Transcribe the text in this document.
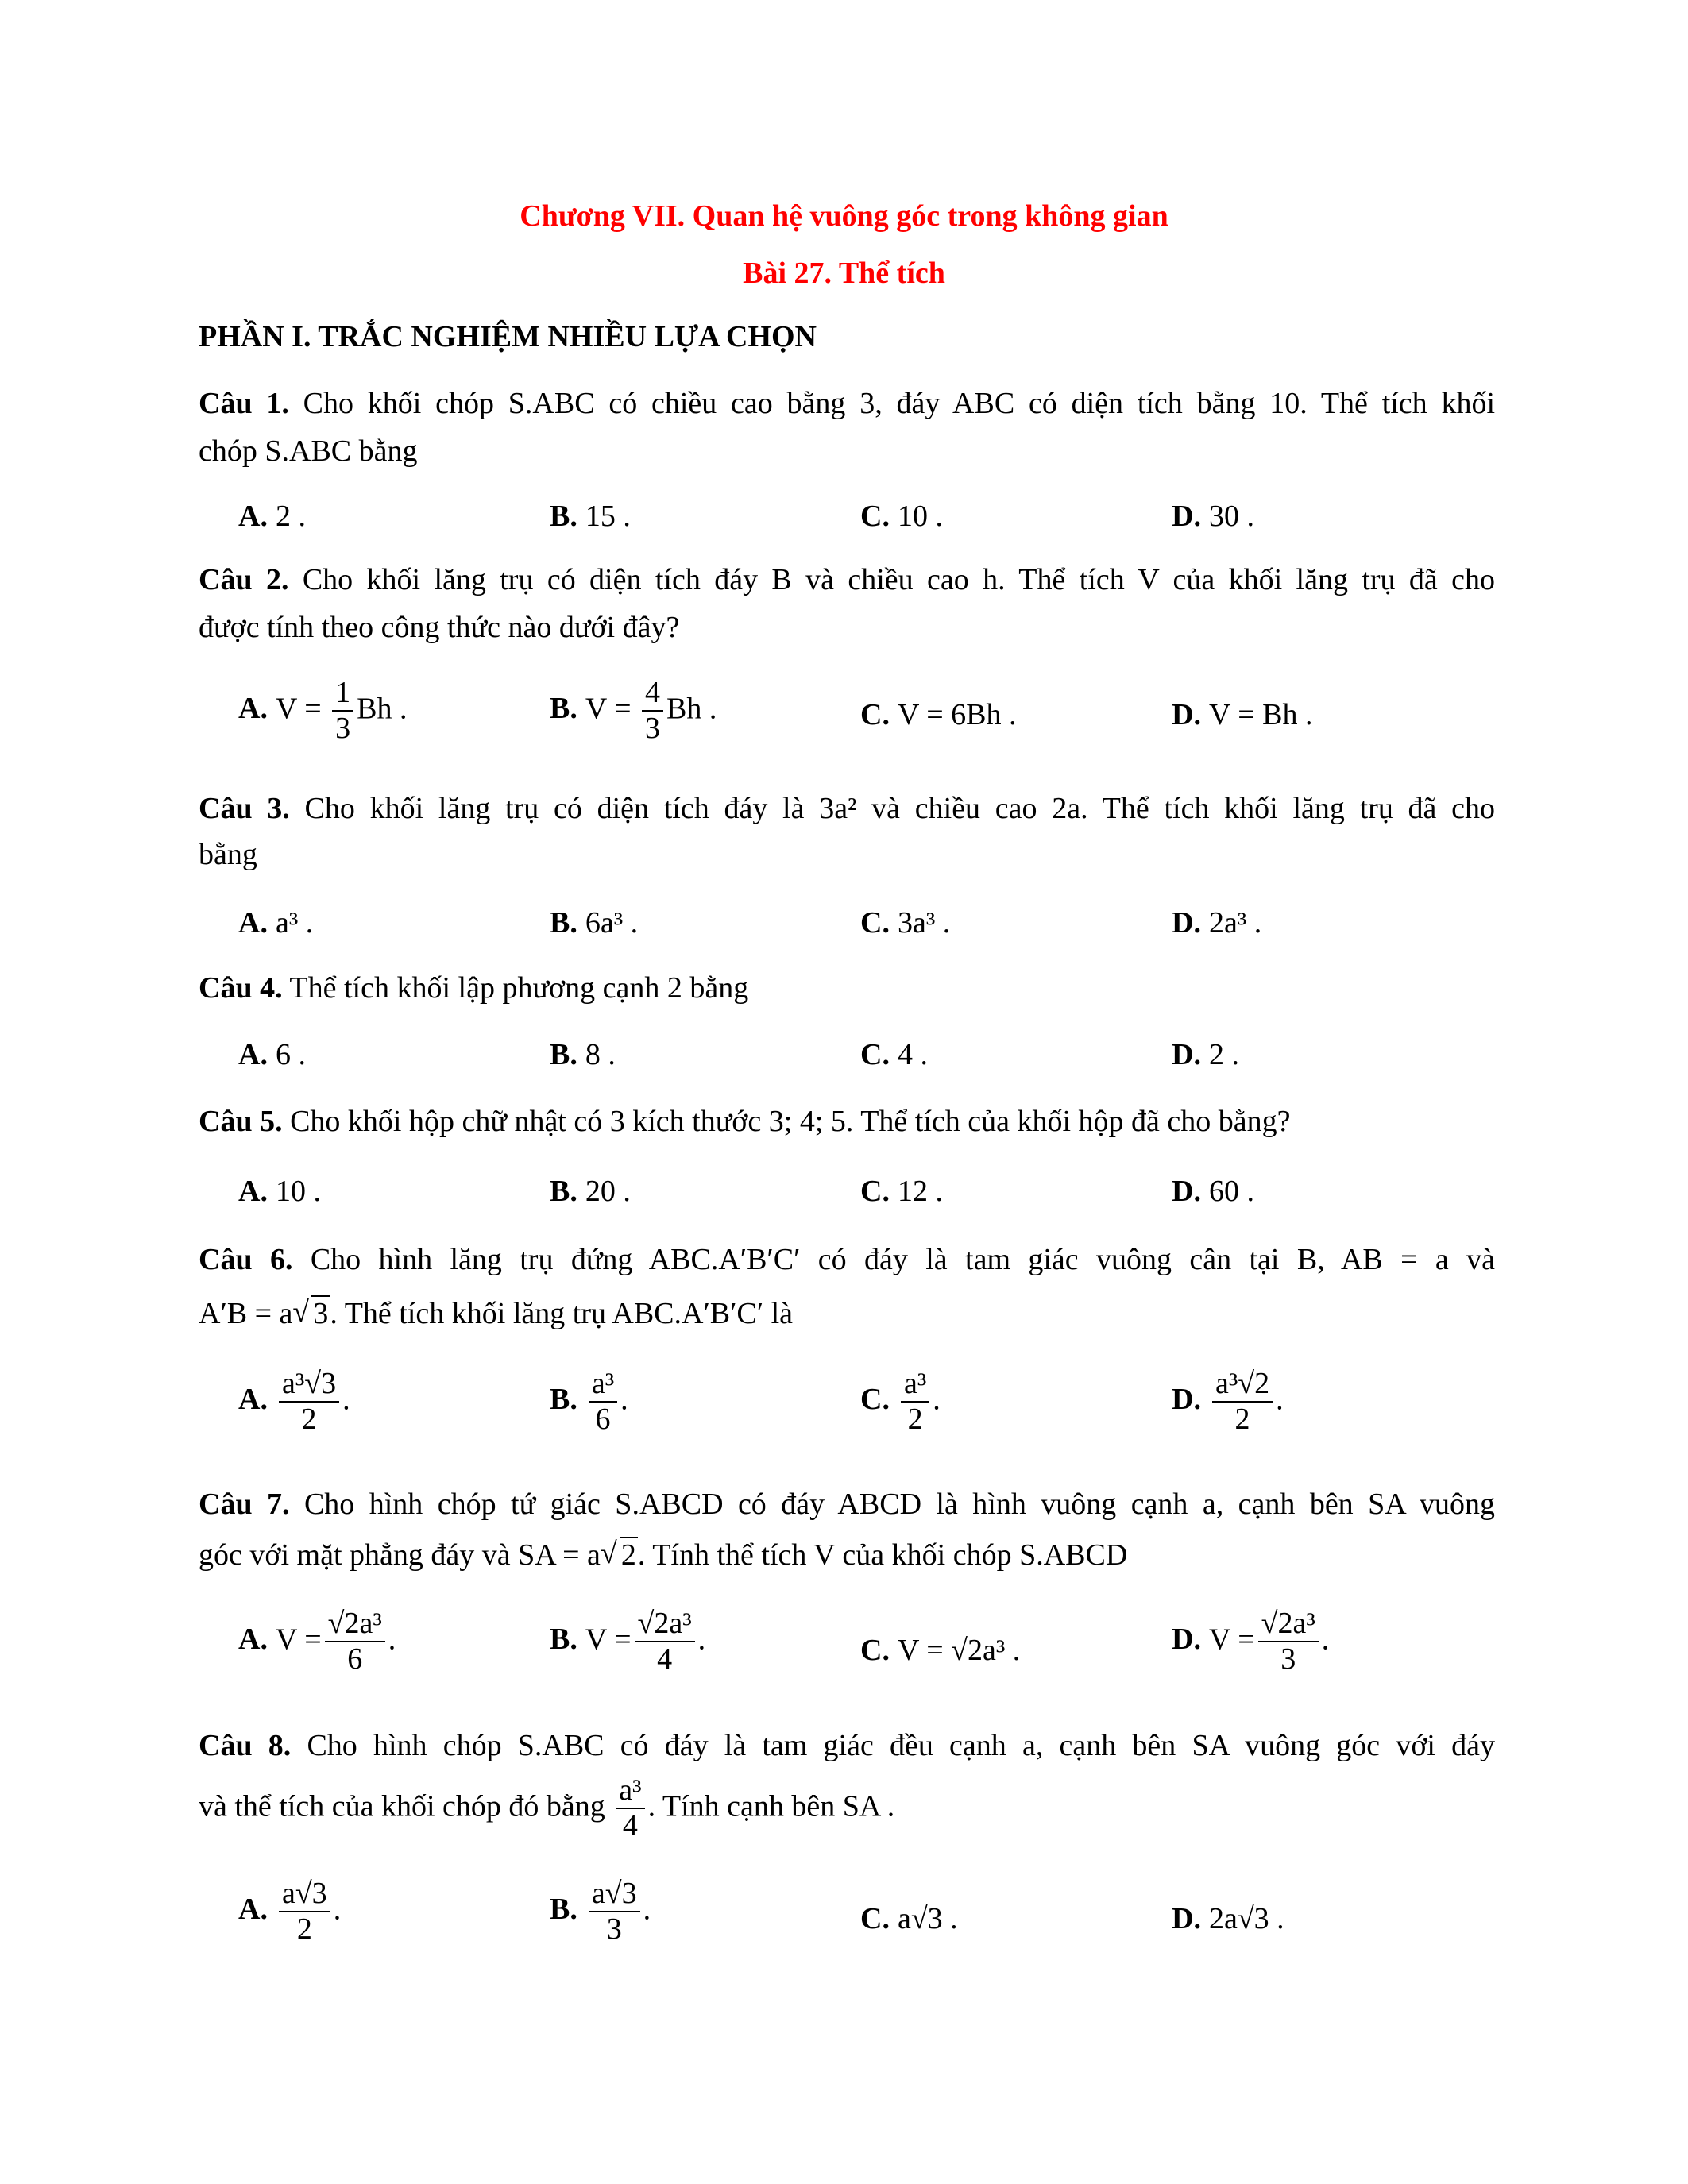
Chương VII. Quan hệ vuông góc trong không gian
Bài 27. Thể tích
PHẦN I. TRẮC NGHIỆM NHIỀU LỰA CHỌN
Câu 1. Cho khối chóp S.ABC có chiều cao bằng 3, đáy ABC có diện tích bằng 10. Thể tích khối
chóp S.ABC bằng
A. 2 .	B. 15 .	C. 10 .	D. 30 .
Câu 2. Cho khối lăng trụ có diện tích đáy B và chiều cao h. Thể tích V của khối lăng trụ đã cho
được tính theo công thức nào dưới đây?
A. $V = \frac{1}{3}$ Bh .	B. $V = \frac{4}{3}$ Bh .	C. V = 6Bh .	D. V = Bh .
Câu 3. Cho khối lăng trụ có diện tích đáy là 3a² và chiều cao 2a. Thể tích khối lăng trụ đã cho
bằng
A. a³ .	B. 6a³ .	C. 3a³ .	D. 2a³ .
Câu 4. Thể tích khối lập phương cạnh 2 bằng
A. 6 .	B. 8 .	C. 4 .	D. 2 .
Câu 5. Cho khối hộp chữ nhật có 3 kích thước 3; 4; 5. Thể tích của khối hộp đã cho bằng?
A. 10 .	B. 20 .	C. 12 .	D. 60 .
Câu 6. Cho hình lăng trụ đứng ABC.A′B′C′ có đáy là tam giác vuông cân tại B, AB = a và
A′B = a √ 3. Thể tích khối lăng trụ ABC.A′B′C′ là
A. $\frac{\text{a³√3}}{2}$ .	B. $\frac{\text{a³}}{6}$ .	C. $\frac{\text{a³}}{2}$ .	D. $\frac{\text{a³√2}}{2}$ .
Câu 7. Cho hình chóp tứ giác S.ABCD có đáy ABCD là hình vuông cạnh a, cạnh bên SA vuông
góc với mặt phẳng đáy và SA = a √ 2. Tính thể tích V của khối chóp S.ABCD
A. $V = \frac{\text{√2a³}}{6}$ .	B. $V = \frac{\text{√2a³}}{4}$ .	C. V = √2a³ .	D. $V = \frac{\text{√2a³}}{3}$ .
Câu 8. Cho hình chóp S.ABC có đáy là tam giác đều cạnh a, cạnh bên SA vuông góc với đáy
và thể tích của khối chóp đó bằng $\frac{\text{a³}}{4}$ . Tính cạnh bên SA .
A. $\frac{a√3}{2}$ .	B. $\frac{a√3}{3}$ .	C. a√3 .	D. 2a√3 .
